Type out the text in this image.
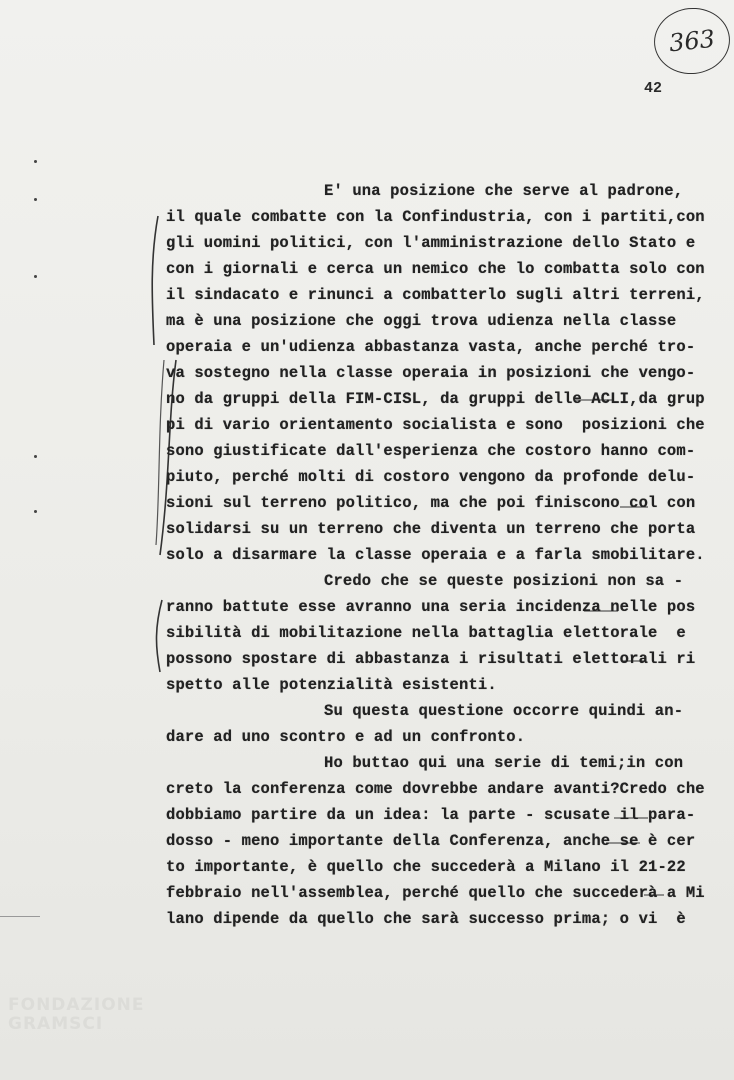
363
42
E' una posizione che serve al padrone,
il quale combatte con la Confindustria, con i partiti,con
gli uomini politici, con l'amministrazione dello Stato e
con i giornali e cerca un nemico che lo combatta solo con
il sindacato e rinunci a combatterlo sugli altri terreni,
ma è una posizione che oggi trova udienza nella classe
operaia e un'udienza abbastanza vasta, anche perché tro-
va sostegno nella classe operaia in posizioni che vengo-
no da gruppi della FIM-CISL, da gruppi delle ACLI,da grup
pi di vario orientamento socialista e sono  posizioni che
sono giustificate dall'esperienza che costoro hanno com-
piuto, perché molti di costoro vengono da profonde delu-
sioni sul terreno politico, ma che poi finiscono col con
solidarsi su un terreno che diventa un terreno che porta
solo a disarmare la classe operaia e a farla smobilitare.
Credo che se queste posizioni non sa -
ranno battute esse avranno una seria incidenza nelle pos
sibilità di mobilitazione nella battaglia elettorale  e
possono spostare di abbastanza i risultati elettorali ri
spetto alle potenzialità esistenti.
Su questa questione occorre quindi an-
dare ad uno scontro e ad un confronto.
Ho buttao qui una serie di temi;in con
creto la conferenza come dovrebbe andare avanti?Credo che
dobbiamo partire da un idea: la parte - scusate il para-
dosso - meno importante della Conferenza, anche se è cer
to importante, è quello che succederà a Milano il 21-22
febbraio nell'assemblea, perché quello che succederà a Mi
lano dipende da quello che sarà successo prima; o vi  è
FONDAZIONE GRAMSCI
